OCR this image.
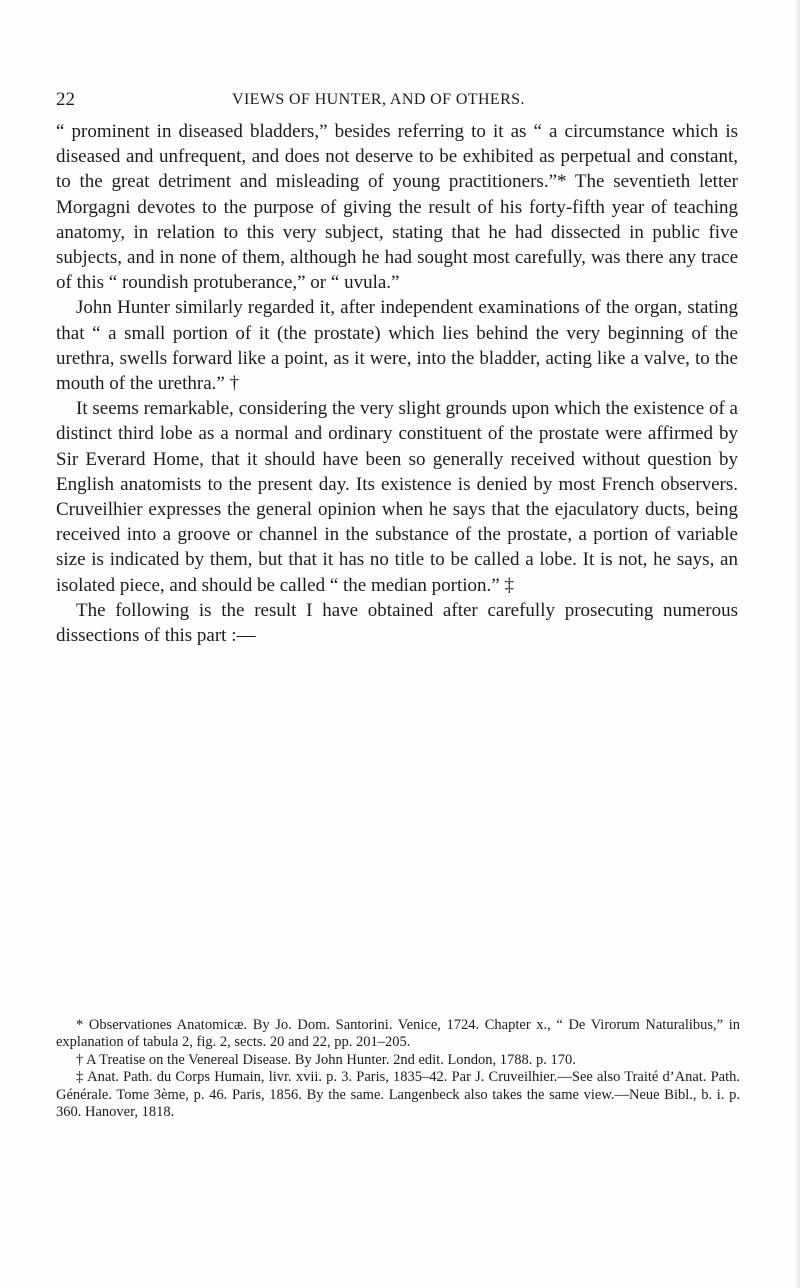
22	VIEWS OF HUNTER, AND OF OTHERS.

“ prominent in diseased bladders,” besides referring to it as “ a circumstance which is diseased and unfrequent, and does not deserve to be exhibited as perpetual and constant, to the great detriment and misleading of young practitioners.”* The seventieth letter Morgagni devotes to the purpose of giving the result of his forty-fifth year of teaching anatomy, in relation to this very subject, stating that he had dissected in public five subjects, and in none of them, although he had sought most carefully, was there any trace of this “ roundish protuberance,” or “ uvula.”

John Hunter similarly regarded it, after independent examinations of the organ, stating that “ a small portion of it (the prostate) which lies behind the very beginning of the urethra, swells forward like a point, as it were, into the bladder, acting like a valve, to the mouth of the urethra.” †

It seems remarkable, considering the very slight grounds upon which the existence of a distinct third lobe as a normal and ordinary constituent of the prostate were affirmed by Sir Everard Home, that it should have been so generally received without question by English anatomists to the present day. Its existence is denied by most French observers. Cruveilhier expresses the general opinion when he says that the ejaculatory ducts, being received into a groove or channel in the substance of the prostate, a portion of variable size is indicated by them, but that it has no title to be called a lobe. It is not, he says, an isolated piece, and should be called “ the median portion.” ‡

The following is the result I have obtained after carefully prosecuting numerous dissections of this part :—

* Observationes Anatomicæ. By Jo. Dom. Santorini. Venice, 1724. Chapter x., “ De Virorum Naturalibus,” in explanation of tabula 2, fig. 2, sects. 20 and 22, pp. 201–205.

† A Treatise on the Venereal Disease. By John Hunter. 2nd edit. London, 1788. p. 170.

‡ Anat. Path. du Corps Humain, livr. xvii. p. 3. Paris, 1835–42. Par J. Cruveilhier.—See also Traité d’Anat. Path. Générale. Tome 3ème, p. 46. Paris, 1856. By the same. Langenbeck also takes the same view.—Neue Bibl., b. i. p. 360. Hanover, 1818.
